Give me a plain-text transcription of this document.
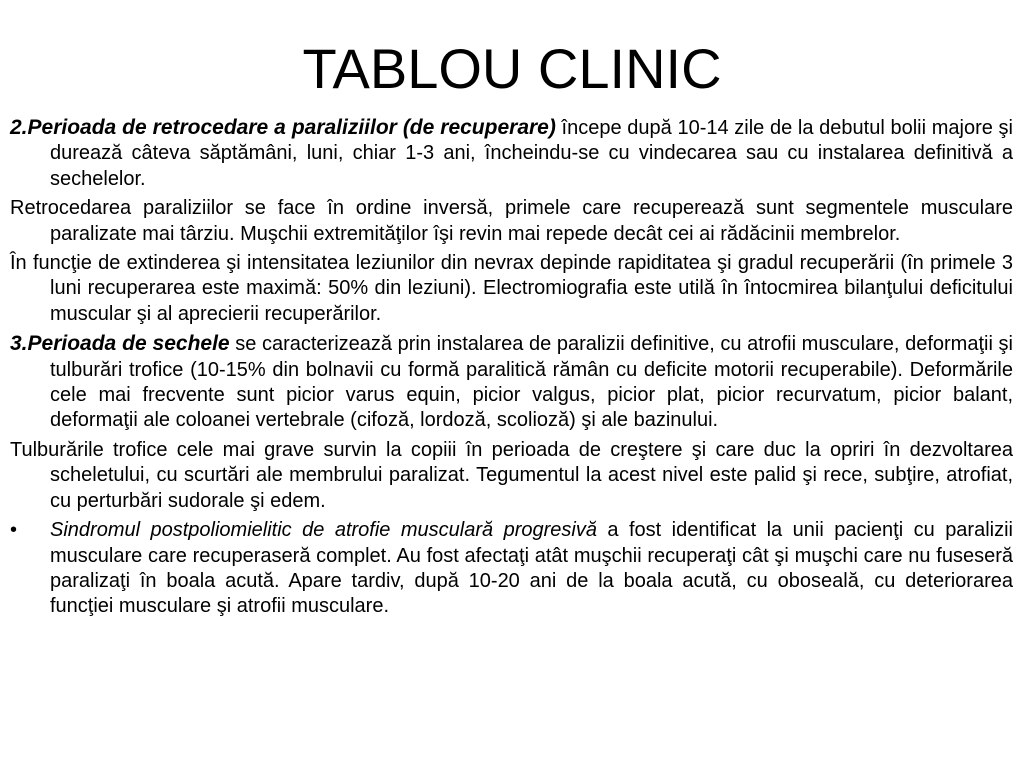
TABLOU CLINIC

2.Perioada de retrocedare a paraliziilor (de recuperare) începe după 10-14 zile de la debutul bolii majore şi durează câteva săptămâni, luni, chiar 1-3 ani, încheindu-se cu vindecarea sau cu instalarea definitivă a sechelelor.

Retrocedarea paraliziilor se face în ordine inversă, primele care recuperează sunt segmentele musculare paralizate mai târziu. Muşchii extremităţilor îşi revin mai repede decât cei ai rădăcinii membrelor.

În funcţie de extinderea şi intensitatea leziunilor din nevrax depinde rapiditatea şi gradul recuperării (în primele 3 luni recuperarea este maximă: 50% din leziuni). Electromiografia este utilă în întocmirea bilanţului deficitului muscular şi al aprecierii recuperărilor.

3.Perioada de sechele se caracterizează prin instalarea de paralizii definitive, cu atrofii musculare, deformaţii şi tulburări trofice (10-15% din bolnavii cu formă paralitică rămân cu deficite motorii recuperabile). Deformările cele mai frecvente sunt picior varus equin, picior valgus, picior plat, picior recurvatum, picior balant, deformaţii ale coloanei vertebrale (cifoză, lordoză, scolioză) şi ale bazinului.

Tulburările trofice cele mai grave survin la copiii în perioada de creştere şi care duc la opriri în dezvoltarea scheletului, cu scurtări ale membrului paralizat. Tegumentul la acest nivel este palid şi rece, subţire, atrofiat, cu perturbări sudorale şi edem.

•	Sindromul postpoliomielitic de atrofie musculară progresivă a fost identificat la unii pacienţi cu paralizii musculare care recuperaseră complet. Au fost afectaţi atât muşchii recuperaţi cât şi muşchi care nu fuseseră paralizaţi în boala acută. Apare tardiv, după 10-20 ani de la boala acută, cu oboseală, cu deteriorarea funcţiei musculare şi atrofii musculare.
